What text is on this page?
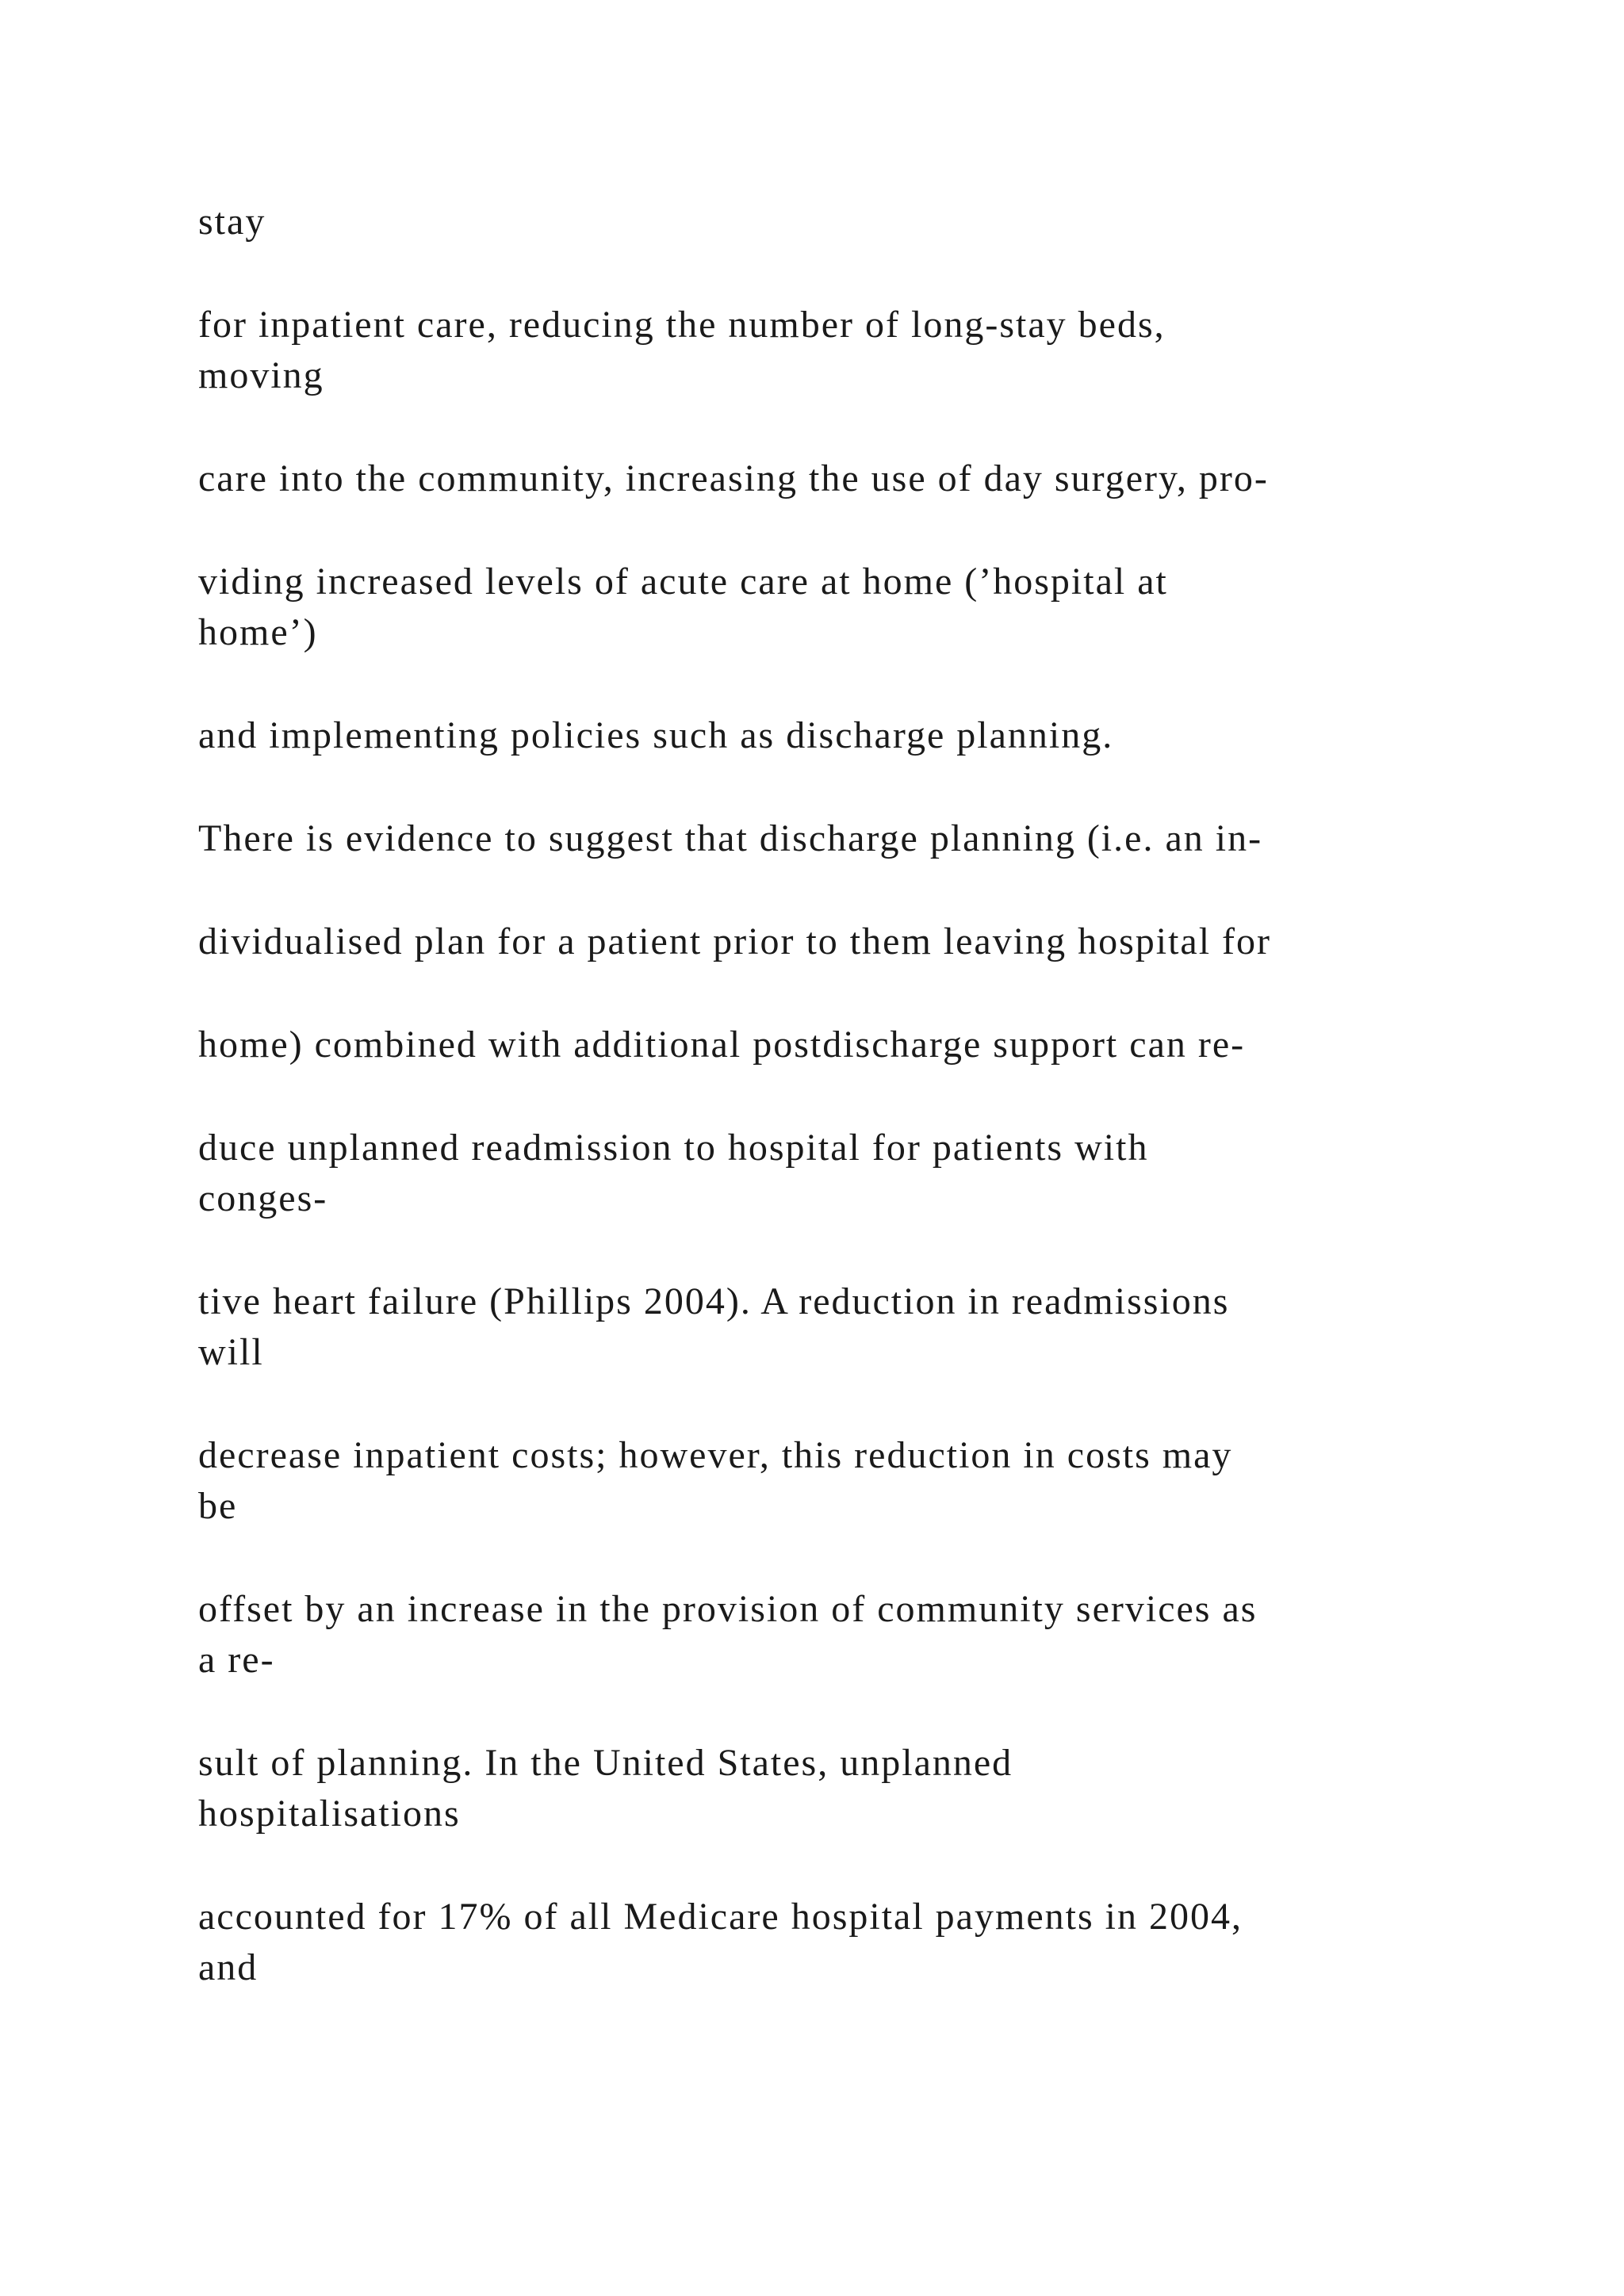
stay

for inpatient care, reducing the number of long-stay beds,
moving

care into the community, increasing the use of day surgery, pro-

viding increased levels of acute care at home (’hospital at
home’)

and implementing policies such as discharge planning.

There is evidence to suggest that discharge planning (i.e. an in-

dividualised plan for a patient prior to them leaving hospital for

home) combined with additional postdischarge support can re-

duce unplanned readmission to hospital for patients with
conges-

tive heart failure (Phillips 2004). A reduction in readmissions
will

decrease inpatient costs; however, this reduction in costs may
be

offset by an increase in the provision of community services as
a re-

sult of planning. In the United States, unplanned
hospitalisations

accounted for 17% of all Medicare hospital payments in 2004,
and
